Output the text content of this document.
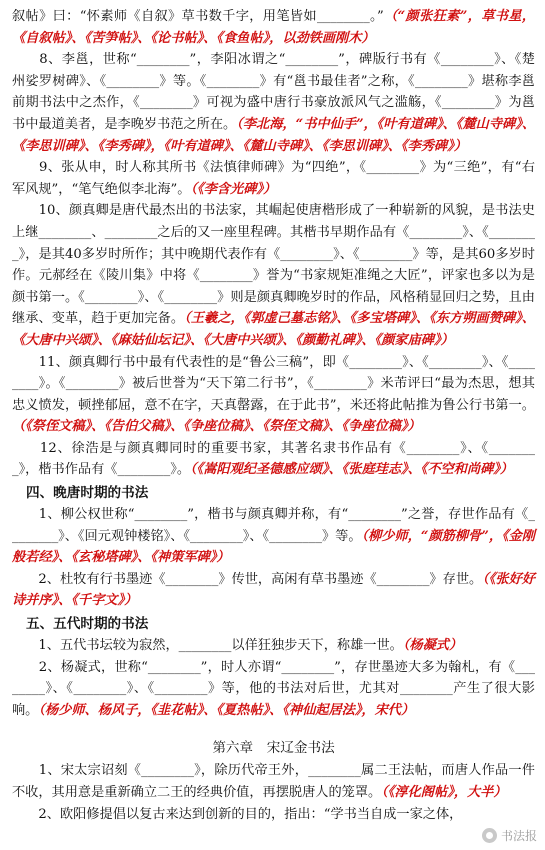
叙帖》曰：“怀素师《自叙》草书数千字，用笔皆如________。”（“颜张狂素”，草书星，《自叙帖》、《苦笋帖》、《论书帖》、《食鱼帖》，以劲铁画刚木）

　　8、李邕，世称“________”，李阳冰谓之“________”，碑版行书有《________》、《楚州娑罗树碑》、《________》等。《________》有“邕书最佳者”之称，《________》堪称李邕前期书法中之杰作，《________》可视为盛中唐行书豪放派风气之滥觞，《________》为邕书中最道美者，是李晚岁书范之所在。（李北海，“书中仙手”，《叶有道碑》、《麓山寺碑》、《李思训碑》、《李秀碑》，《叶有道碑》、《麓山寺碑》、《李思训碑》、《李秀碑》）

　　9、张从申，时人称其所书《法慎律师碑》为“四绝”，《________》为“三绝”，有“右军风规”，“笔气绝似李北海”。（《李含光碑》）

　　10、颜真卿是唐代最杰出的书法家，其崛起使唐楷形成了一种崭新的风貌，是书法史上继________、________之后的又一座里程碑。其楷书早期作品有《________》、《________》，是其40多岁时所作；其中晚期代表作有《________》、《________》等，是其60多岁时作。元郝经在《陵川集》中将《________》誉为“书家规矩准绳之大匠”，评家也多以为是颜书第一。《________》、《________》则是颜真卿晚岁时的作品，风格稍显回归之势，且由继承、变革，趋于更加完备。（王羲之，《郭虚己墓志铭》、《多宝塔碑》、《东方朔画赞碑》、《大唐中兴颂》、《麻姑仙坛记》、《大唐中兴颂》、《颜勤礼碑》、《颜家庙碑》）

　　11、颜真卿行书中最有代表性的是“鲁公三稿”，即《________》、《________》、《________》。《________》被后世誉为“天下第二行书”，《________》米芾评曰“最为杰思，想其忠义愤发，顿挫郁屈，意不在字，天真罄露，在于此书”，米还将此帖推为鲁公行书第一。（《祭侄文稿》、《告伯父稿》、《争座位稿》、《祭侄文稿》、《争座位稿》）

　　12、徐浩是与颜真卿同时的重要书家，其著名隶书作品有《________》、《________》，楷书作品有《________》。（《嵩阳观纪圣德感应颂》、《张庭珪志》、《不空和尚碑》）

四、晚唐时期的书法

　　1、柳公权世称“________”，楷书与颜真卿并称，有“________”之誉，存世作品有《________》、《回元观钟楼铭》、《________》、《________》等。（柳少师，“颜筋柳骨”，《金刚般若经》、《玄秘塔碑》、《神策军碑》）

　　2、杜牧有行书墨迹《________》传世，高闲有草书墨迹《________》存世。（《张好好诗并序》、《千字文》）

五、五代时期的书法

　　1、五代书坛较为寂然，________以佯狂独步天下，称雄一世。（杨凝式）

　　2、杨凝式，世称“________”，时人亦谓“________”，存世墨迹大多为翰札，有《________》、《________》、《________》等，他的书法对后世，尤其对________产生了很大影响。（杨少师、杨风子，《韭花帖》、《夏热帖》、《神仙起居法》，宋代）

第六章　宋辽金书法

　　1、宋太宗诏刻《________》，除历代帝王外，________属二王法帖，而唐人作品一件不收，其用意是重新确立二王的经典价值，再摆脱唐人的笼罩。（《淳化阁帖》，大半）

　　2、欧阳修提倡以复古来达到创新的目的，指出：“学书当自成一家之体，

书法报
